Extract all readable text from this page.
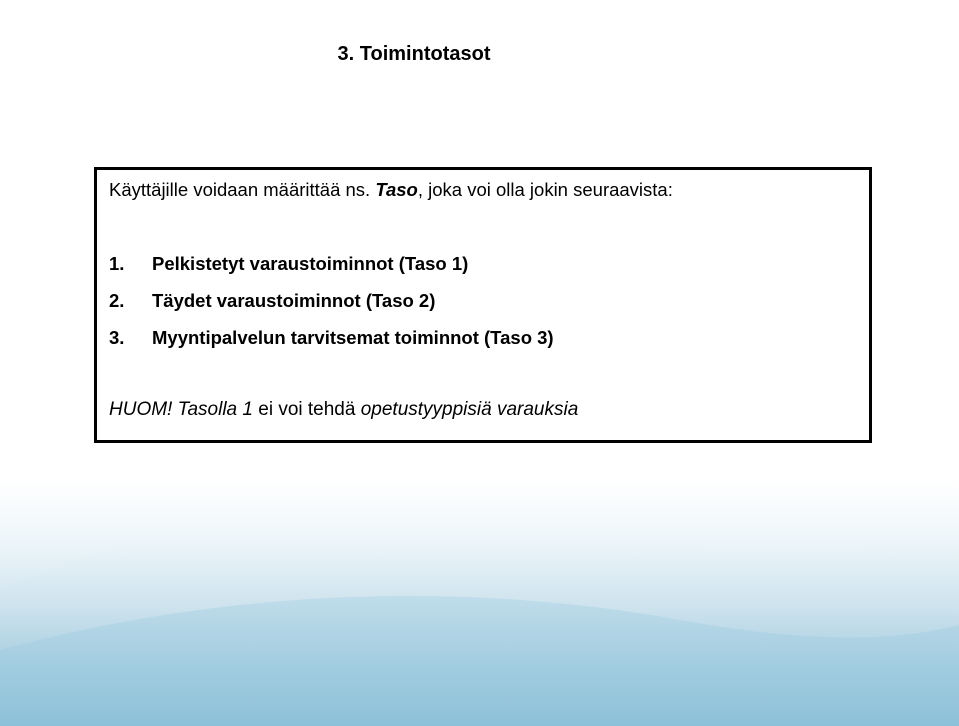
3. Toimintotasot
Käyttäjille voidaan määrittää ns. Taso, joka voi olla jokin seuraavista:
1. Pelkistetyt varaustoiminnot (Taso 1)
2. Täydet varaustoiminnot (Taso 2)
3. Myyntipalvelun tarvitsemat toiminnot (Taso 3)
HUOM! Tasolla 1 ei voi tehdä opetustyyppisiä varauksia
